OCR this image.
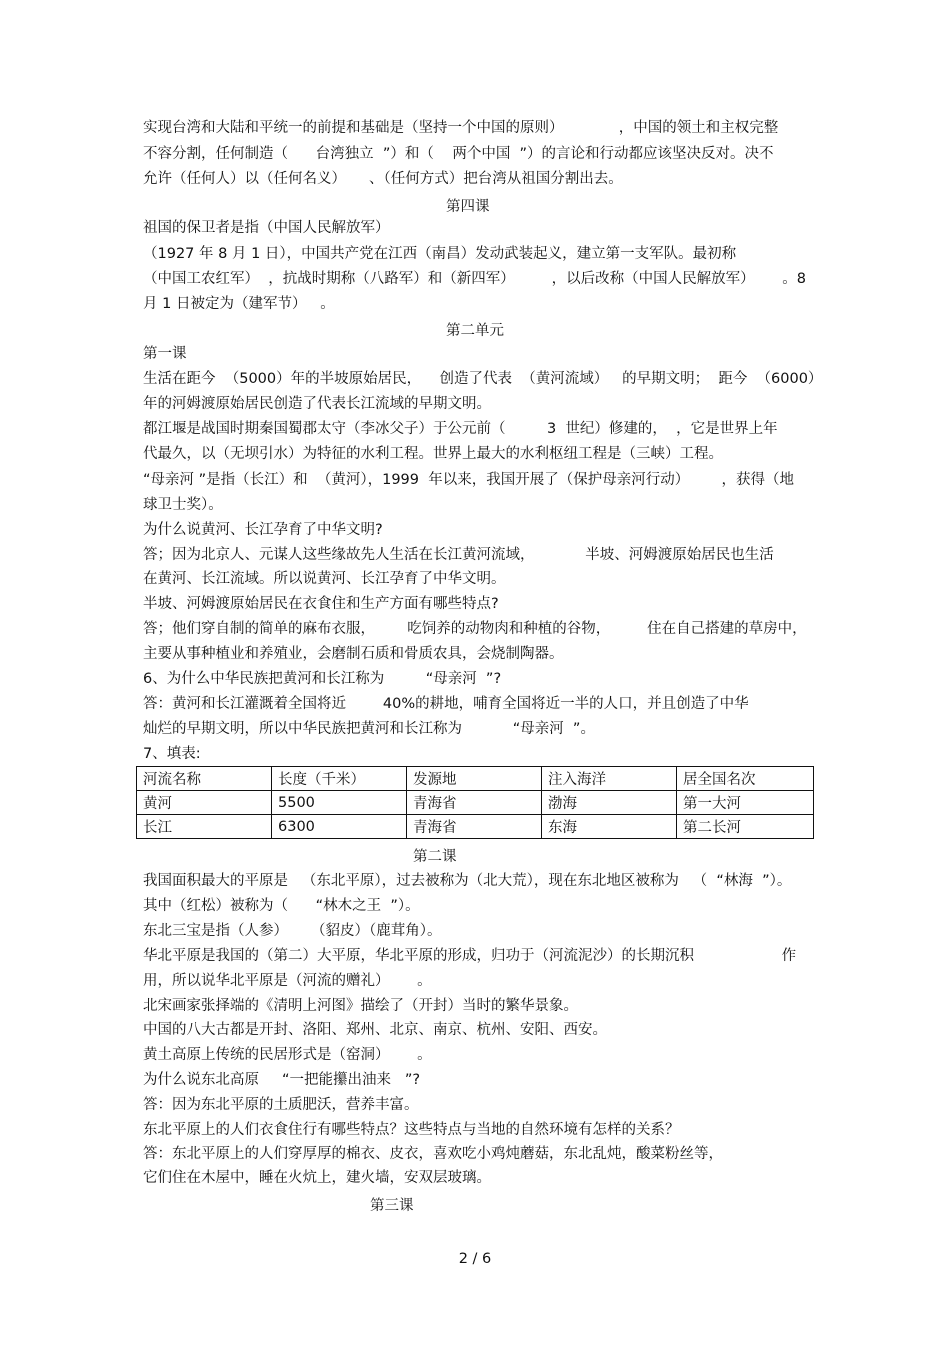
实现台湾和大陆和平统一的前提和基础是（坚持一个中国的原则）            ，中国的领土和主权完整
不容分割，任何制造（      台湾独立  ”）和（    两个中国  ”）的言论和行动都应该坚决反对。决不
允许（任何人）以（任何名义）     、（任何方式）把台湾从祖国分割出去。
第四课
祖国的保卫者是指（中国人民解放军）
（1927 年 8 月 1 日），中国共产党在江西（南昌）发动武装起义，建立第一支军队。最初称
（中国工农红军）  ，抗战时期称（八路军）和（新四军）        ，以后改称（中国人民解放军）      。8
月 1 日被定为（建军节）   。
第二单元
第一课
生活在距今  （5000）年的半坡原始居民，    创造了代表  （黄河流域）   的早期文明；  距今  （6000）
年的河姆渡原始居民创造了代表长江流域的早期文明。
都江堰是战国时期秦国蜀郡太守（李冰父子）于公元前（         3  世纪）修建的，  ，它是世界上年
代最久，以（无坝引水）为特征的水利工程。世界上最大的水利枢纽工程是（三峡）工程。
“母亲河 ”是指（长江）和  （黄河），1999  年以来，我国开展了（保护母亲河行动）       ，获得（地
球卫士奖）。
为什么说黄河、长江孕育了中华文明?
答；因为北京人、元谋人这些缘故先人生活在长江黄河流域，           半坡、河姆渡原始居民也生活
在黄河、长江流域。所以说黄河、长江孕育了中华文明。
半坡、河姆渡原始居民在衣食住和生产方面有哪些特点?
答；他们穿自制的简单的麻布衣服，       吃饲养的动物肉和种植的谷物，        住在自己搭建的草房中，
主要从事种植业和养殖业，会磨制石质和骨质农具，会烧制陶器。
6、为什么中华民族把黄河和长江称为         “母亲河  ”?
答：黄河和长江灌溉着全国将近        40%的耕地，哺育全国将近一半的人口，并且创造了中华
灿烂的早期文明，所以中华民族把黄河和长江称为           “母亲河  ”。
7、填表:
河流名称	长度（千米）	发源地	注入海洋	居全国名次
黄河	5500	青海省	渤海	第一大河
长江	6300	青海省	东海	第二长河
第二课
我国面积最大的平原是   （东北平原），过去被称为（北大荒），现在东北地区被称为   （  “林海  ”）。
其中（红松）被称为（      “林木之王  ”）。
东北三宝是指（人参）     （貂皮）（鹿茸角）。
华北平原是我国的（第二）大平原，华北平原的形成，归功于（河流泥沙）的长期沉积                   作
用，所以说华北平原是（河流的赠礼）      。
北宋画家张择端的《清明上河图》描绘了（开封）当时的繁华景象。
中国的八大古都是开封、洛阳、郑州、北京、南京、杭州、安阳、西安。
黄土高原上传统的民居形式是（窑洞）      。
为什么说东北高原     “一把能攥出油来   ”?
答：因为东北平原的土质肥沃，营养丰富。
东北平原上的人们衣食住行有哪些特点？这些特点与当地的自然环境有怎样的关系？
答：东北平原上的人们穿厚厚的棉衣、皮衣，喜欢吃小鸡炖蘑菇，东北乱炖，酸菜粉丝等，
它们住在木屋中，睡在火炕上，建火墙，安双层玻璃。
第三课
2 / 6
